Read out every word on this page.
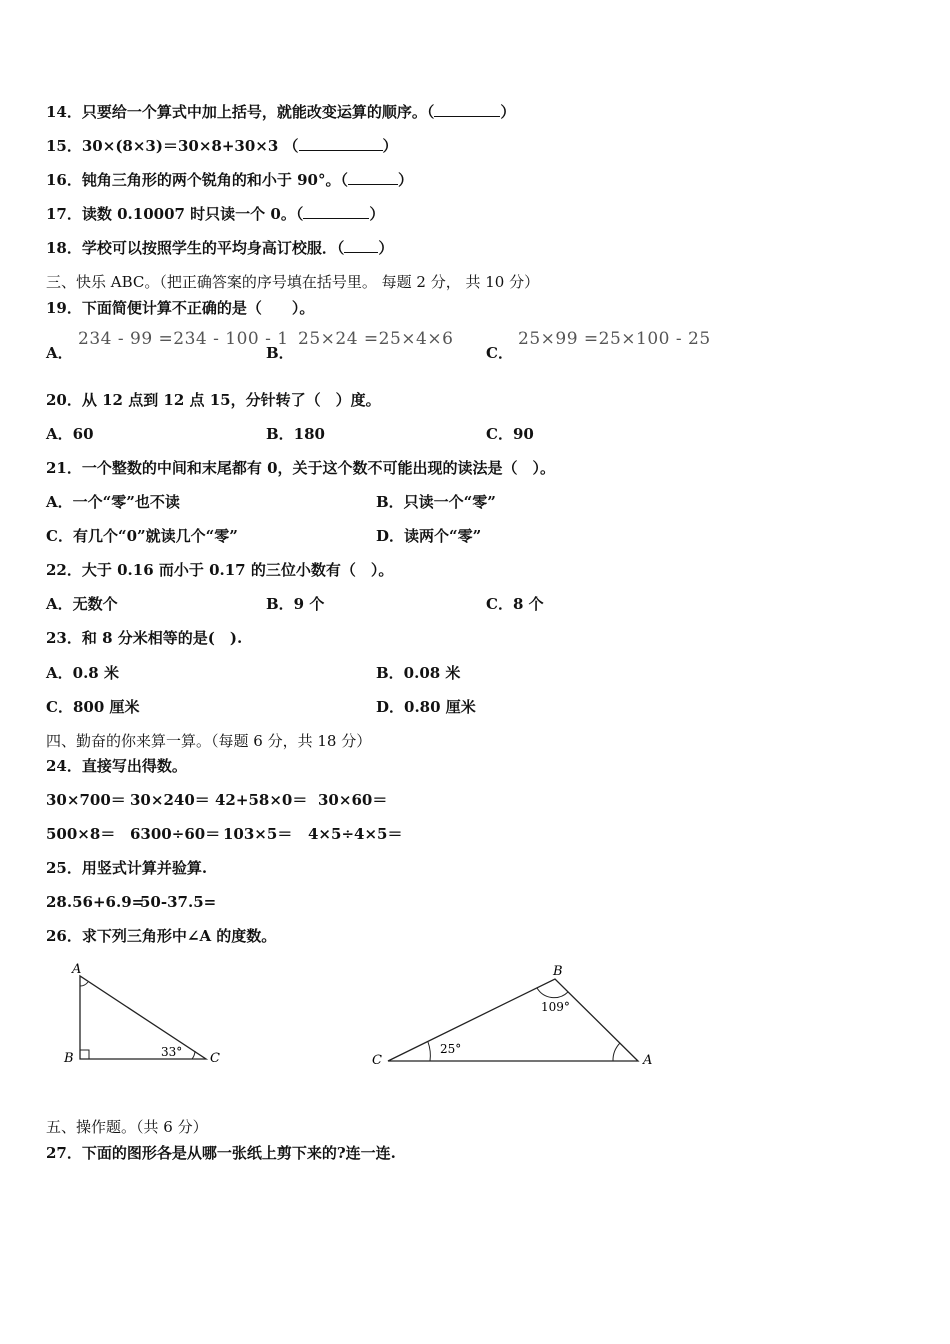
14．只要给一个算式中加上括号，就能改变运算的顺序。（	）
15．30×(8×3)＝30×8+30×3 （	）
16．钝角三角形的两个锐角的和小于 90°。（	）
17．读数 0.10007 时只读一个 0。（	）
18．学校可以按照学生的平均身高订校服．（ ）
三、快乐 ABC。（把正确答案的序号填在括号里。 每题 2 分， 共 10 分）
19．下面简便计算不正确的是（　　）。
A．
234 - 99 =234 - 100 - 1
B．
25×24 =25×4×6
C．
25×99 =25×100 - 25
20．从 12 点到 12 点 15，分针转了（　）度。
A．60	B．180	C．90
21．一个整数的中间和末尾都有 0，关于这个数不可能出现的读法是（　）。
A．一个“零”也不读	B．只读一个“零”
C．有几个“0”就读几个“零”	D．读两个“零”
22．大于 0.16 而小于 0.17 的三位小数有（　）。
A．无数个	B．9 个	C．8 个
23．和 8 分米相等的是(　).
A．0.8 米	B．0.08 米
C．800 厘米	D．0.80 厘米
四、勤奋的你来算一算。（每题 6 分，共 18 分）
24．直接写出得数。
30×700＝ 30×240＝ 42+58×0＝ 30×60＝
500×8＝ 6300÷60＝ 103×5＝ 4×5÷4×5＝
25．用竖式计算并验算.
28.56+6.9=
50-37.5=
26．求下列三角形中∠A 的度数。
A
B	C
33°
B
C	A
109°
25°
五、操作题。（共 6 分）
27．下面的图形各是从哪一张纸上剪下来的?连一连.
